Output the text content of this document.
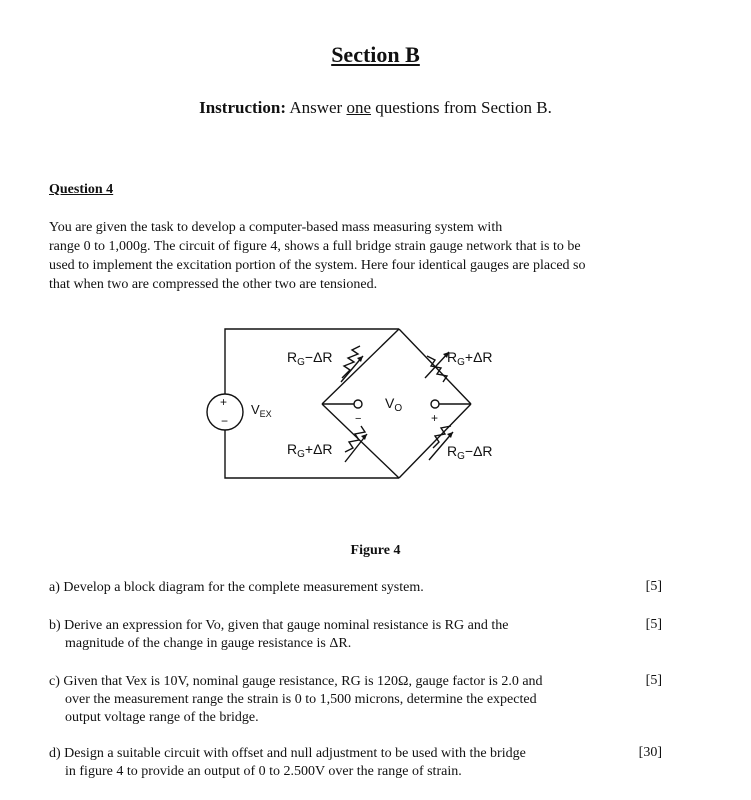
Section B
Instruction: Answer one questions from Section B.
Question 4
You are given the task to develop a computer-based mass measuring system with
range 0 to 1,000g. The circuit of figure 4, shows a full bridge strain gauge network that is to be
used to implement the excitation portion of the system. Here four identical gauges are placed so
that when two are compressed the other two are tensioned.
+
−	−	+
$V_{EX}$
$V_O$
$R_G-\Delta R$	$R_G+\Delta R$
$R_G+\Delta R$	$R_G-\Delta R$
Figure 4
a) Develop a block diagram for the complete measurement system.	[5]
b) Derive an expression for Vo, given that gauge nominal resistance is RG and the
magnitude of the change in gauge resistance is ΔR.
[5]
c) Given that Vex is 10V, nominal gauge resistance, RG is 120Ω, gauge factor is 2.0 and
over the measurement range the strain is 0 to 1,500 microns, determine the expected
output voltage range of the bridge.
[5]
d) Design a suitable circuit with offset and null adjustment to be used with the bridge
in figure 4 to provide an output of 0 to 2.500V over the range of strain.
[30]
